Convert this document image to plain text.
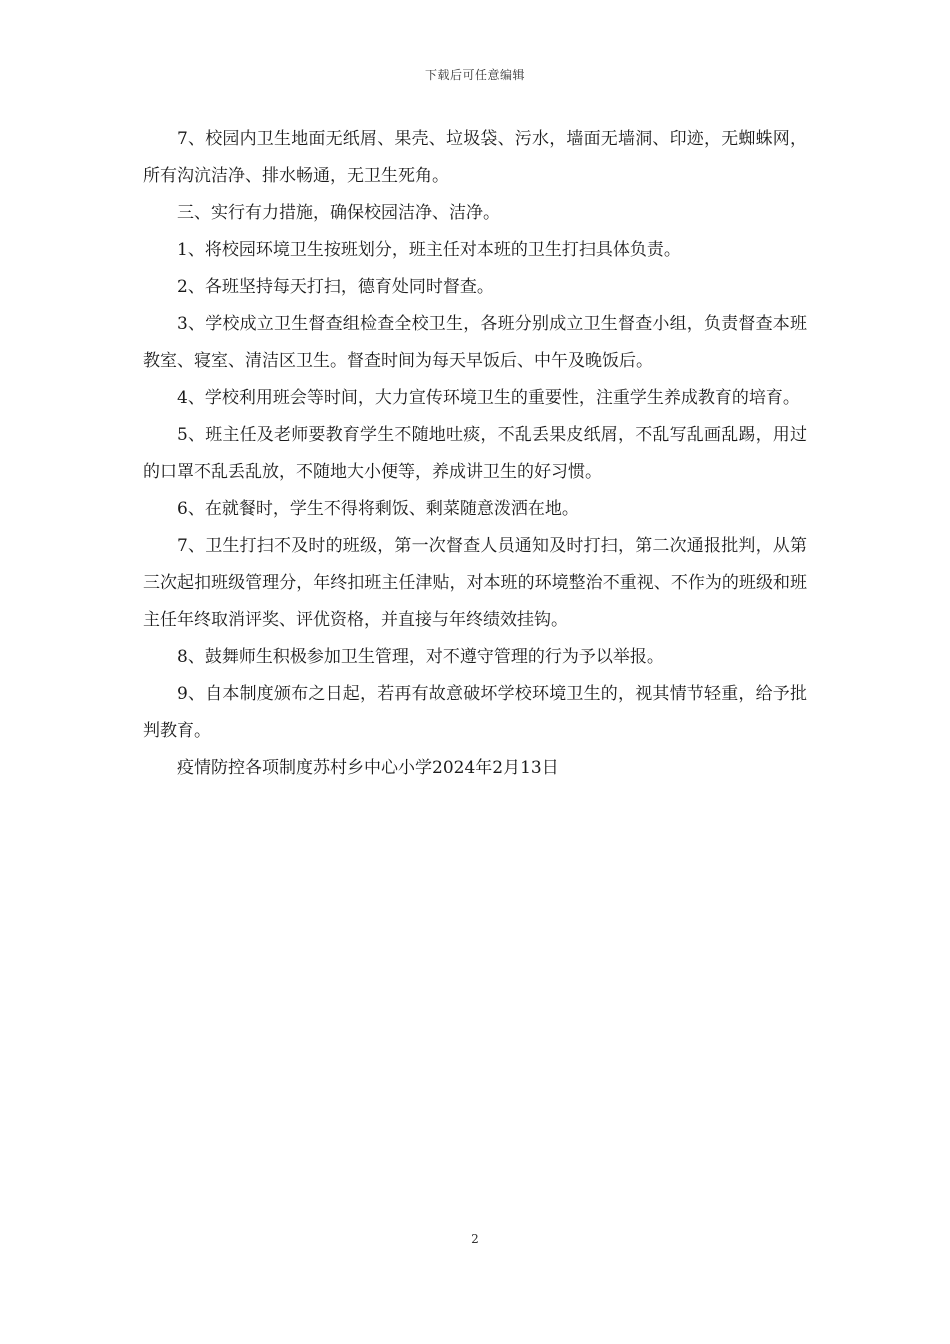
下载后可任意编辑

7、校园内卫生地面无纸屑、果壳、垃圾袋、污水，墙面无墙洞、印迹，无蜘蛛网，所有沟沆洁净、排水畅通，无卫生死角。

三、实行有力措施，确保校园洁净、洁净。

1、将校园环境卫生按班划分，班主任对本班的卫生打扫具体负责。

2、各班坚持每天打扫，德育处同时督查。

3、学校成立卫生督查组检查全校卫生，各班分别成立卫生督查小组，负责督查本班教室、寝室、清洁区卫生。督查时间为每天早饭后、中午及晚饭后。

4、学校利用班会等时间，大力宣传环境卫生的重要性，注重学生养成教育的培育。

5、班主任及老师要教育学生不随地吐痰，不乱丢果皮纸屑，不乱写乱画乱踢，用过的口罩不乱丢乱放，不随地大小便等，养成讲卫生的好习惯。

6、在就餐时，学生不得将剩饭、剩菜随意泼洒在地。

7、卫生打扫不及时的班级，第一次督查人员通知及时打扫，第二次通报批判，从第三次起扣班级管理分，年终扣班主任津贴，对本班的环境整治不重视、不作为的班级和班主任年终取消评奖、评优资格，并直接与年终绩效挂钩。

8、鼓舞师生积极参加卫生管理，对不遵守管理的行为予以举报。

9、自本制度颁布之日起，若再有故意破坏学校环境卫生的，视其情节轻重，给予批判教育。

疫情防控各项制度苏村乡中心小学2024年2月13日

2
